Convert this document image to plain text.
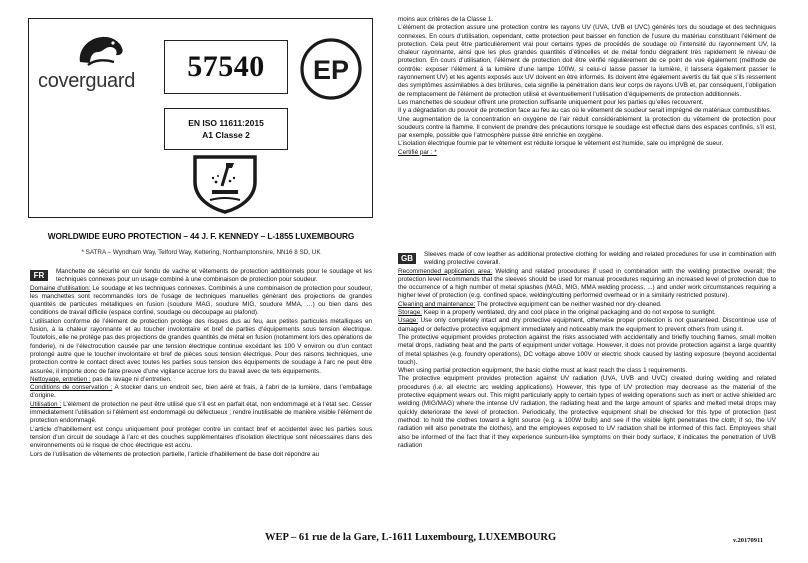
coverguard 57540 EP
EN ISO 11611:2015
A1 Classe 2
WORLDWIDE EURO PROTECTION – 44 J. F. KENNEDY – L-1855 LUXEMBOURG
* SATRA – Wyndham Way, Telford Way, Kettering, Northamptonshire, NN16 8 SD, UK

FR	Manchette de sécurité en cuir fendu de vache et vêtements de protection additionnels pour le soudage et les techniques connexes pour un usage combiné à une combinaison de protection pour soudeur.

Domaine d’utilisation: Le soudage et les techniques connexes. Combinés à une combinaison de protection pour soudeur, les manchettes sont recommandés lors de l’usage de techniques manuelles générant des projections de grandes quantités de particules métalliques en fusion (soudure MAG, soudure MIG, soudure MMA, …) ou bien dans des conditions de travail difficile (espace confiné, soudage ou découpage au plafond).

L’utilisation conforme de l’élément de protection protège des risques dus au feu, aux petites particules métalliques en fusion, à la chaleur rayonnante et au toucher involontaire et bref de parties d’équipements sous tension électrique. Toutefois, elle ne protège pas des projections de grandes quantités de métal en fusion (notamment lors des opérations de fonderie), ni de l’électrocution causée par une tension électrique continue excédant les 100 V environ ou d’un contact prolongé autre que le toucher involontaire et bref de pièces sous tension électrique. Pour des raisons techniques, une protection contre le contact direct avec toutes les parties sous tension des équipements de soudage à l’arc ne peut être assurée, il importe donc de faire preuve d’une vigilance accrue lors du travail avec de tels équipements.

Nettoyage, entretien : pas de lavage ni d’entretien.

Conditions de conservation : A stocker dans un endroit sec, bien aéré et frais, à l’abri de la lumière, dans l’emballage d’origine.

Utilisation : L’élément de protection ne peut être utilisé que s’il est en parfait état, non endommagé et à l’état sec. Cesser immédiatement l’utilisation si l’élément est endommagé ou défectueux ; rendre inutilisable de manière visible l’élément de protection endommagé.

L’article d’habillement est conçu uniquement pour protéger contre un contact bref et accidentel avec les parties sous tension d’un circuit de soudage à l’arc et des couches supplémentaires d’isolation électrique sont nécessaires dans des environnements où le risque de choc électrique est accru.

Lors de l’utilisation de vêtements de protection partielle, l’article d’habillement de base doit répondre au

moins aux critères de la Classe 1.

L’élément de protection assure une protection contre les rayons UV (UVA, UVB et UVC) générés lors du soudage et des techniques connexes. En cours d’utilisation, cependant, cette protection peut baisser en fonction de l’usure du matériau constituant l’élément de protection. Cela peut être particulièrement vrai pour certains types de procédés de soudage où l’intensité du rayonnement UV, la chaleur rayonnante, ainsi que les plus grandes quantités d’étincelles et de métal fondu dégradent très rapidement le niveau de protection. En cours d’utilisation, l’élément de protection doit être vérifié régulièrement de ce point de vue également (méthode de contrôle: exposer l’élément à la lumière d’une lampe 100W, si celui-ci laisse passer la lumière, il laissera également passer le rayonnement UV) et les agents exposés aux UV doivent en être informés. Ils doivent être également avertis du fait que s’ils ressentent des symptômes assimilables à des brûlures, cela signifie la pénétration dans leur corps de rayons UVB et, par conséquent, l’obligation de remplacement de l’élément de protection utilisé et éventuellement l’utilisation d’équipements de protection additionnels.

Les manchettes de soudeur offrent une protection suffisante uniquement pour les parties qu’elles recouvrent.

Il y a dégradation du pouvoir de protection face au feu au cas où le vêtement de soudeur serait imprégné de matériaux combustibles.

Une augmentation de la concentration en oxygène de l’air réduit considérablement la protection du vêtement de protection pour soudeurs contre la flamme. Il convient de prendre des précautions lorsque le soudage est effectué dans des espaces confinés, s’il est, par exemple, possible que l’atmosphère puisse être enrichie en oxygène.

L’isolation électrique fournie par le vêtement est réduite lorsque le vêtement est humide, sale ou imprégné de sueur.

Certifié par : *

GB	Sleeves made of cow leather as additional protective clothing for welding and related procedures for use in combination with welding protective coverall.

Recommended application area: Welding and related procedures if used in combination with the welding protective overall; the protection level recommends that the sleeves should be used for manual procedures requiring an increased level of protection due to the occurrence of a high number of metal splashes (MAG, MIG, MMA welding process, ...) and under work circumstances requiring a higher level of protection (e.g. confined space, welding/cutting performed overhead or in a similarly restricted posture).

Cleaning and maintenance: The protective equipment can be neither washed nor dry-cleaned.

Storage: Keep in a properly ventilated, dry and cool place in the original packaging and do not expose to sunlight.

Usage: Use only completely intact and dry protective equipment, otherwise proper protection is not guaranteed. Discontinue use of damaged or defective protective equipment immediately and noticeably mark the equipment to prevent others from using it.

The protective equipment provides protection against the risks associated with accidentally and briefly touching flames, small molten metal drops, radiating heat and the parts of equipment under voltage. However, it does not provide protection against a large quantity of metal splashes (e.g. foundry operations), DC voltage above 100V or electric shock caused by lasting exposure (beyond accidental touch).

When using partial protection equipment, the basic clothe must at least reach the class 1 requirements.

The protective equipment provides protection against UV radiation (UVA, UVB and UVC) created during welding and related procedures (i.e. all electric arc welding applications). However, this type of UV protection may decrease as the material of the protective equipment wears out. This might particularly apply to certain types of welding operations such as inert or active shielded arc welding (MIG/MAG) where the intense UV radiation, the radiating heat and the large amount of sparks and melted metal drops may quickly deteriorate the level of protection. Periodically, the protective equipment shall be checked for this type of protection (test method: to hold the clothes toward a light source (e.g. a 100W bulb) and see if the visible light penetrates the cloth; if so, the UV radiation will also penetrate the clothes), and the employees exposed to UV radiation shall be informed of this fact. Employees shall also be informed of the fact that if they experience sunburn-like symptoms on their body surface, it indicates the penetration of UVB radiation

WEP – 61 rue de la Gare, L-1611 Luxembourg, LUXEMBOURG	v.20170911
